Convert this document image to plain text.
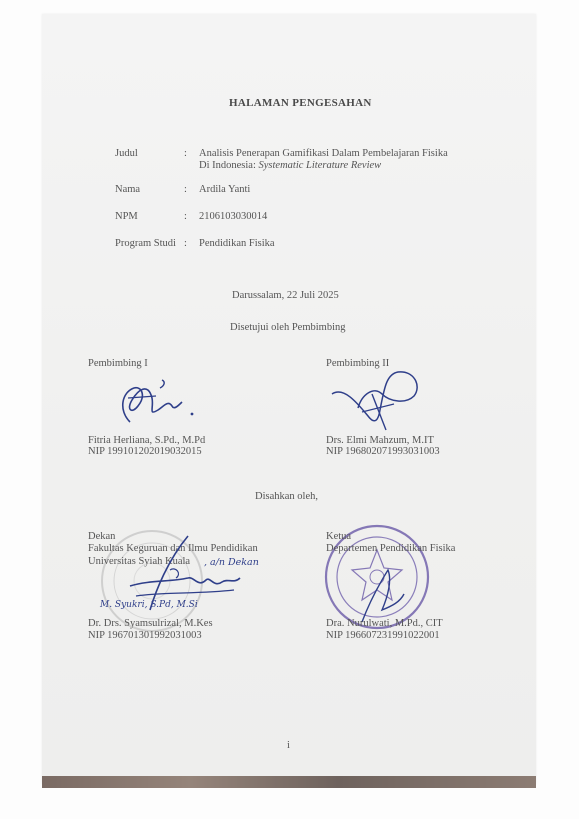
HALAMAN PENGESAHAN
Judul	: Analisis Penerapan Gamifikasi Dalam Pembelajaran Fisika
Di Indonesia: Systematic Literature Review
Nama	: Ardila Yanti
NPM	: 2106103030014
Program Studi : Pendidikan Fisika
Darussalam, 22 Juli 2025
Disetujui oleh Pembimbing
Pembimbing I	Pembimbing II
Fitria Herliana, S.Pd., M.Pd
NIP 199101202019032015
Drs. Elmi Mahzum, M.IT
NIP 196802071993031003
Disahkan oleh,
Dekan
Fakultas Keguruan dan Ilmu Pendidikan
Universitas Syiah Kuala , a/n Dekan
Ketua
Departemen Pendidikan Fisika
M. Syukri, S.Pd, M.Si
Dr. Drs. Syamsulrizal, M.Kes
NIP 196701301992031003
Dra. Nurulwati, M.Pd., CIT
NIP 196607231991022001
i
